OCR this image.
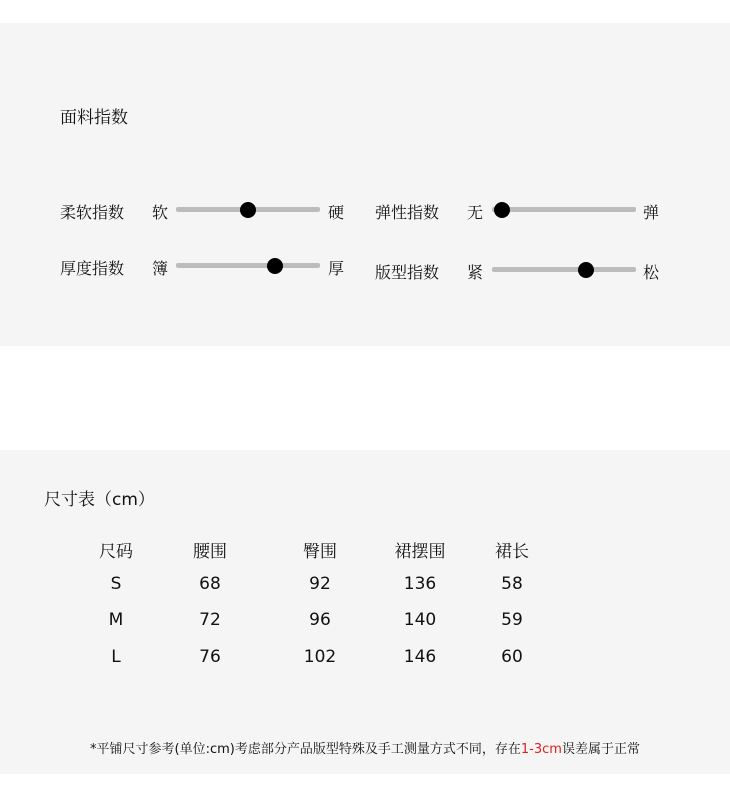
面料指数
柔软指数 软	硬 弹性指数 无	弹
厚度指数 簿	厚 版型指数 紧	松
尺寸表（cm）
尺码	腰围	臀围	裙摆围	裙长
S	68	92	136	58
M	72	96	140	59
L	76	102	146	60
*平铺尺寸参考(单位:cm)考虑部分产品版型特殊及手工测量方式不同，存在1-3cm误差属于正常
